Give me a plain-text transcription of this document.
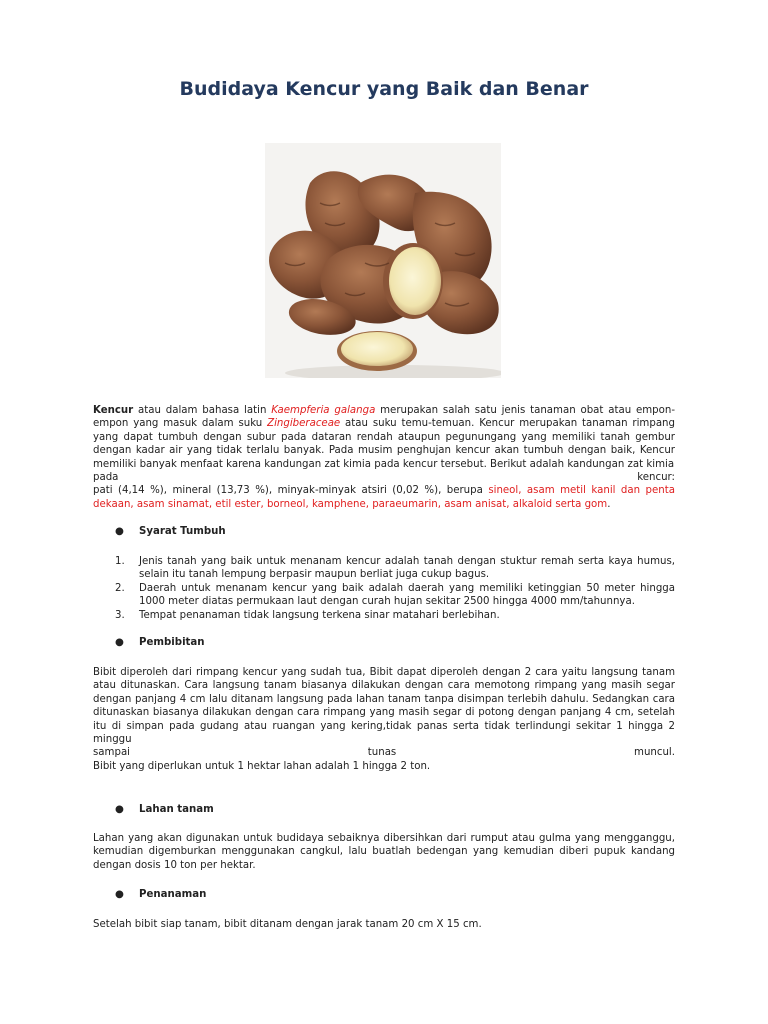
Budidaya Kencur yang Baik dan Benar

Kencur atau dalam bahasa latin Kaempferia galanga merupakan salah satu jenis tanaman obat atau empon-empon yang masuk dalam suku Zingiberaceae atau suku temu-temuan. Kencur merupakan tanaman rimpang yang dapat tumbuh dengan subur pada dataran rendah ataupun pegunungang yang memiliki tanah gembur dengan kadar air yang tidak terlalu banyak. Pada musim penghujan kencur akan tumbuh dengan baik, Kencur memiliki banyak menfaat karena kandungan zat kimia pada kencur tersebut. Berikut adalah kandungan zat kimia

pada	kencur:

pati (4,14 %), mineral (13,73 %), minyak-minyak atsiri (0,02 %), berupa sineol, asam metil kanil dan penta dekaan, asam sinamat, etil ester, borneol, kamphene, paraeumarin, asam anisat, alkaloid serta gom.

● Syarat Tumbuh
1.	Jenis tanah yang baik untuk menanam kencur adalah tanah dengan stuktur remah serta kaya humus, selain itu tanah lempung berpasir maupun berliat juga cukup bagus.
2.	Daerah untuk menanam kencur yang baik adalah daerah yang memiliki ketinggian 50 meter hingga 1000 meter diatas permukaan laut dengan curah hujan sekitar 2500 hingga 4000 mm/tahunnya.
3.	Tempat penanaman tidak langsung terkena sinar matahari berlebihan.
● Pembibitan

Bibit diperoleh dari rimpang kencur yang sudah tua, Bibit dapat diperoleh dengan 2 cara yaitu langsung tanam atau ditunaskan. Cara langsung tanam biasanya dilakukan dengan cara memotong rimpang yang masih segar dengan panjang 4 cm lalu ditanam langsung pada lahan tanam tanpa disimpan terlebih dahulu. Sedangkan cara ditunaskan biasanya dilakukan dengan cara rimpang yang masih segar di potong dengan panjang 4 cm, setelah itu di simpan pada gudang atau ruangan yang kering,tidak panas serta tidak terlindungi sekitar 1 hingga 2 minggu

sampai	tunas	muncul.

Bibit yang diperlukan untuk 1 hektar lahan adalah 1 hingga 2 ton.

● Lahan tanam

Lahan yang akan digunakan untuk budidaya sebaiknya dibersihkan dari rumput atau gulma yang mengganggu, kemudian digemburkan menggunakan cangkul, lalu buatlah bedengan yang kemudian diberi pupuk kandang dengan dosis 10 ton per hektar.

● Penanaman

Setelah bibit siap tanam, bibit ditanam dengan jarak tanam 20 cm X 15 cm.
